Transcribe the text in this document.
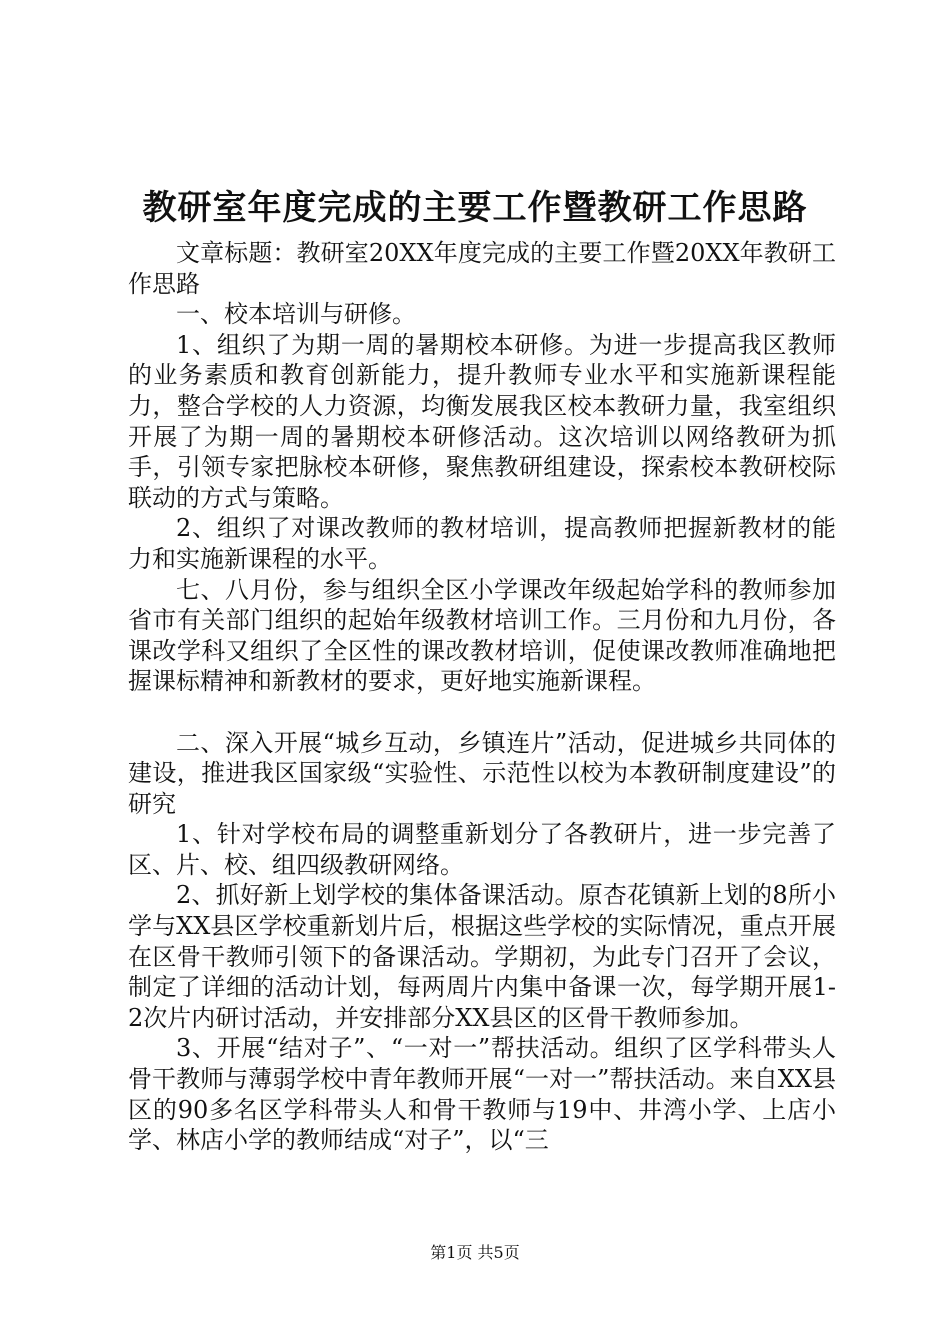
教研室年度完成的主要工作暨教研工作思路

文章标题：教研室20XX年度完成的主要工作暨20XX年教研工作思路

一、校本培训与研修。

1、组织了为期一周的暑期校本研修。为进一步提高我区教师的业务素质和教育创新能力，提升教师专业水平和实施新课程能力，整合学校的人力资源，均衡发展我区校本教研力量，我室组织开展了为期一周的暑期校本研修活动。这次培训以网络教研为抓手，引领专家把脉校本研修，聚焦教研组建设，探索校本教研校际联动的方式与策略。

2、组织了对课改教师的教材培训，提高教师把握新教材的能力和实施新课程的水平。

七、八月份，参与组织全区小学课改年级起始学科的教师参加省市有关部门组织的起始年级教材培训工作。三月份和九月份，各课改学科又组织了全区性的课改教材培训，促使课改教师准确地把握课标精神和新教材的要求，更好地实施新课程。

二、深入开展“城乡互动，乡镇连片”活动，促进城乡共同体的建设，推进我区国家级“实验性、示范性以校为本教研制度建设”的研究

1、针对学校布局的调整重新划分了各教研片，进一步完善了区、片、校、组四级教研网络。

2、抓好新上划学校的集体备课活动。原杏花镇新上划的8所小学与XX县区学校重新划片后，根据这些学校的实际情况，重点开展在区骨干教师引领下的备课活动。学期初，为此专门召开了会议，制定了详细的活动计划，每两周片内集中备课一次，每学期开展1-2次片内研讨活动，并安排部分XX县区的区骨干教师参加。

3、开展“结对子”、“一对一”帮扶活动。组织了区学科带头人骨干教师与薄弱学校中青年教师开展“一对一”帮扶活动。来自XX县区的90多名区学科带头人和骨干教师与19中、井湾小学、上店小学、林店小学的教师结成“对子”，以“三

第1页 共5页
